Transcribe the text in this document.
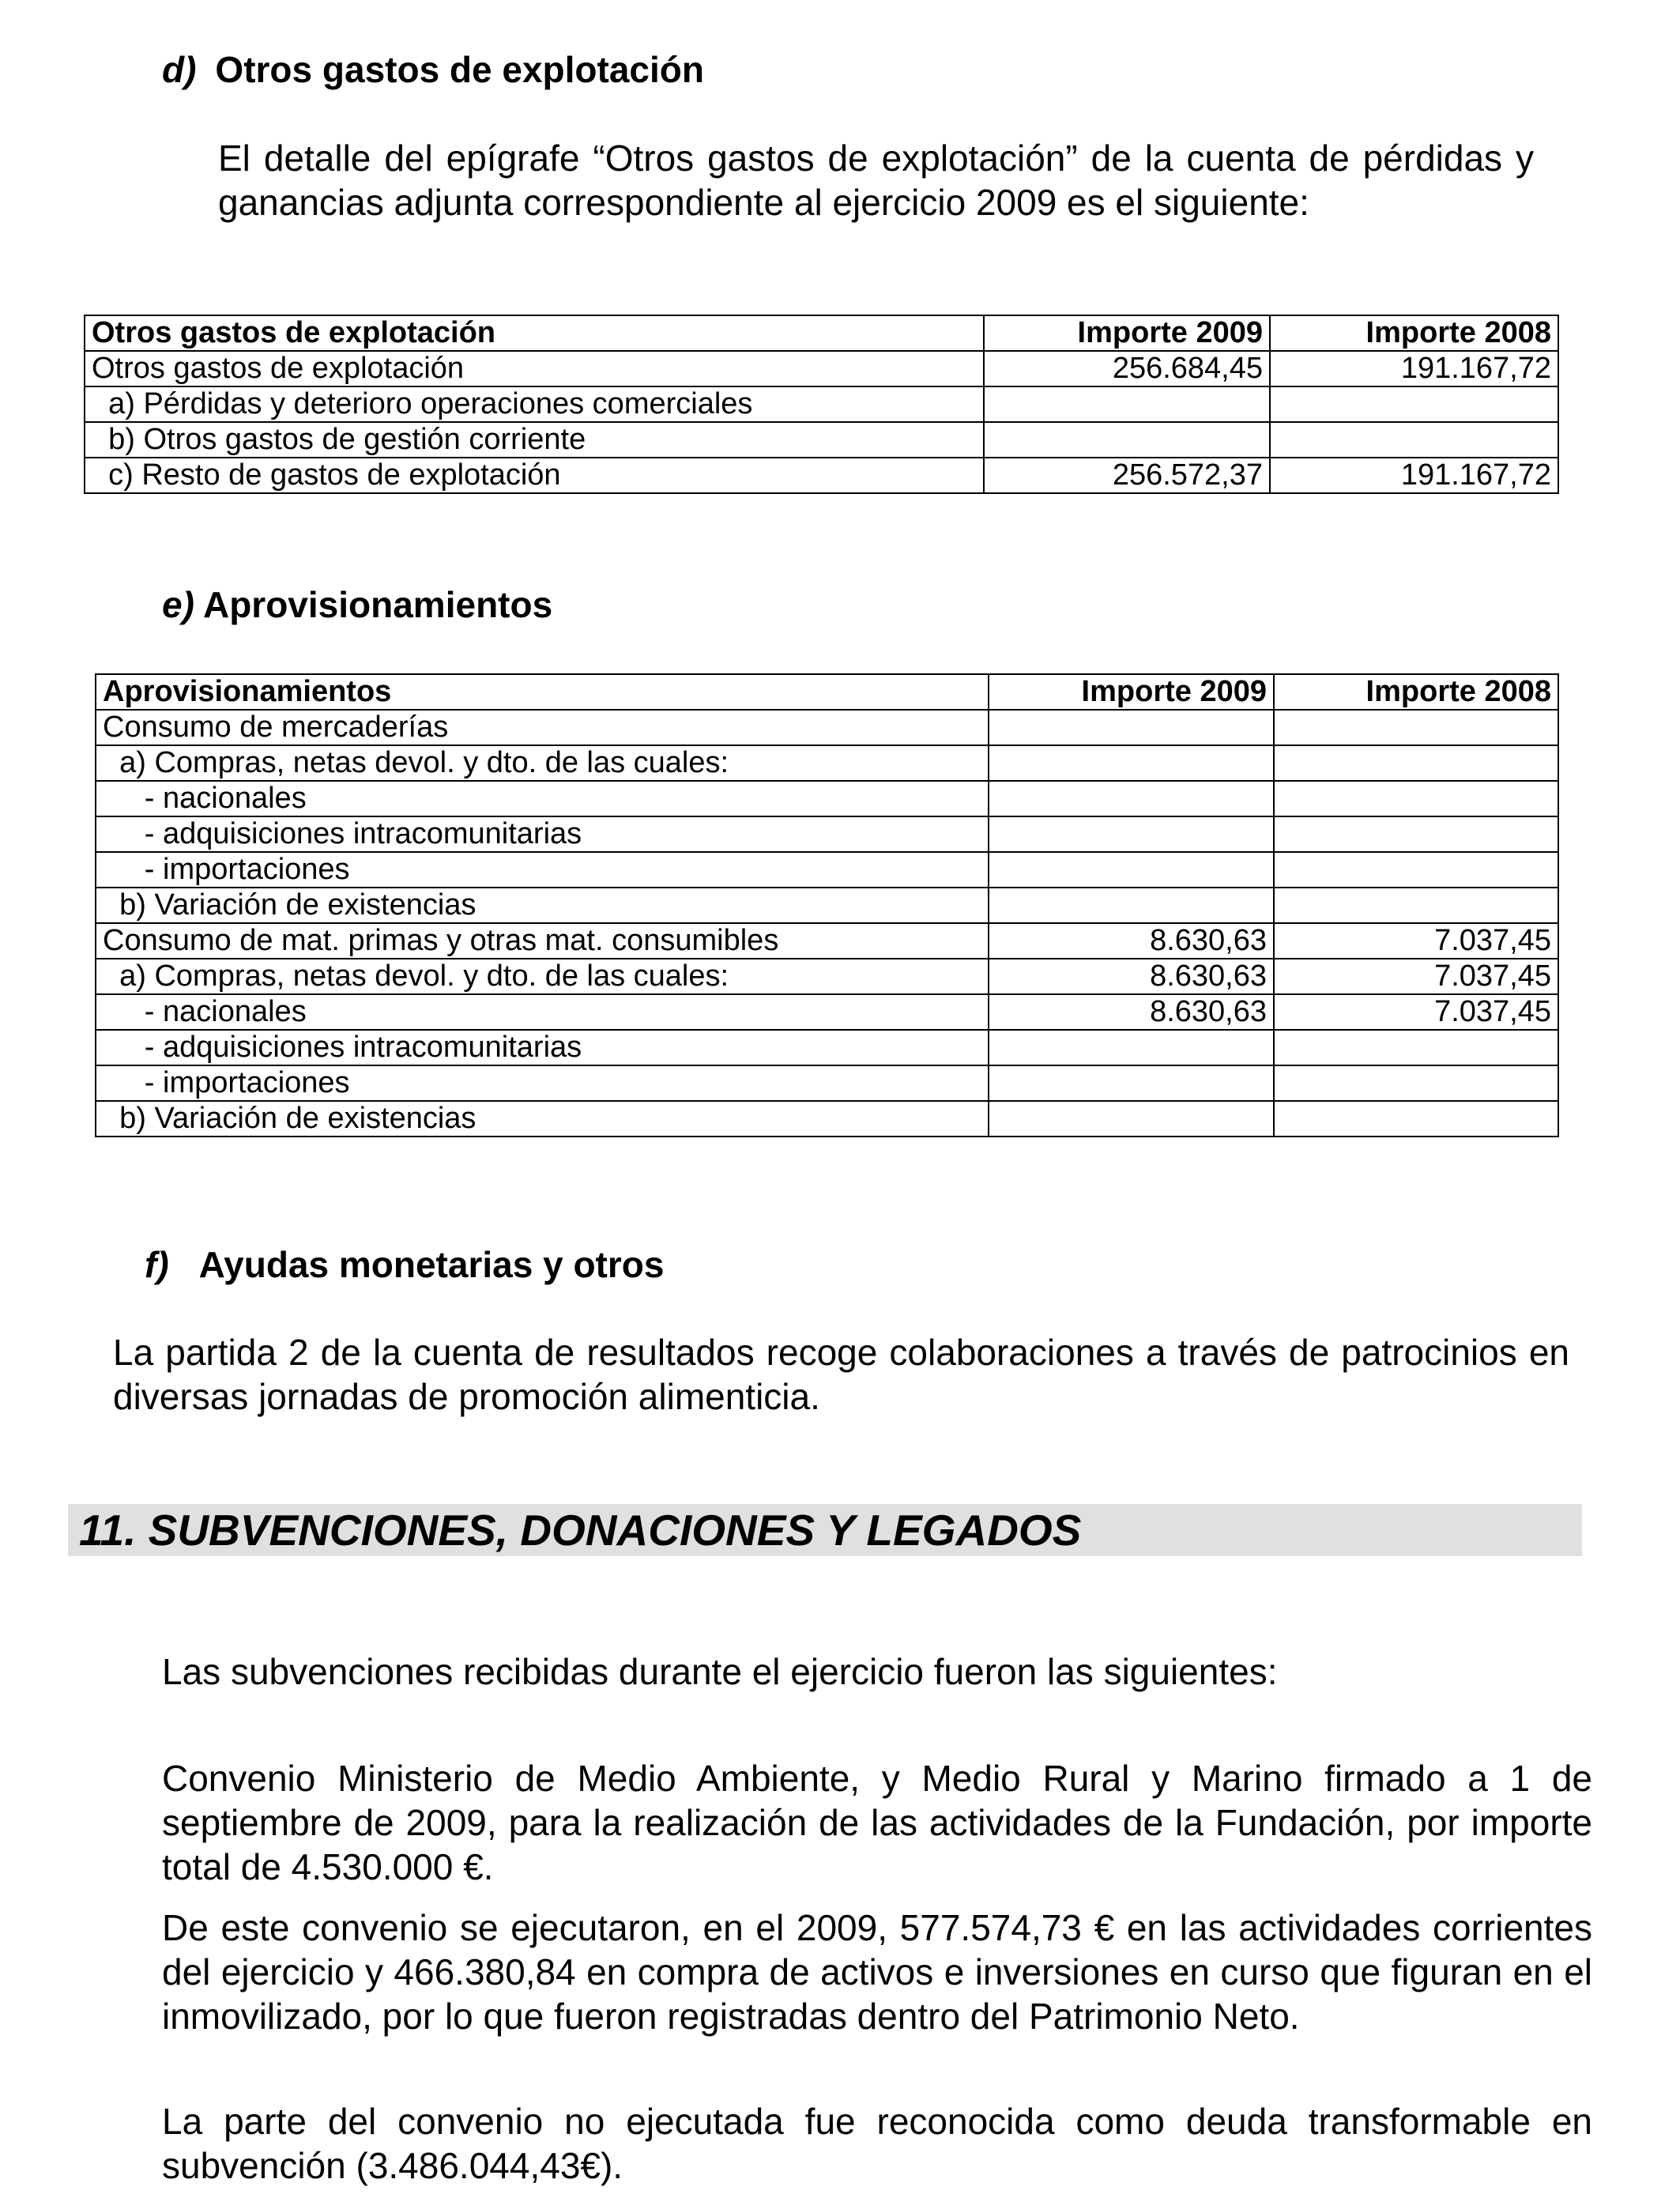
d) Otros gastos de explotación
El detalle del epígrafe “Otros gastos de explotación” de la cuenta de pérdidas y ganancias adjunta correspondiente al ejercicio 2009 es el siguiente:
Otros gastos de explotación	Importe 2009	Importe 2008
Otros gastos de explotación	256.684,45	191.167,72
a) Pérdidas y deterioro operaciones comerciales		
b) Otros gastos de gestión corriente		
c) Resto de gastos de explotación	256.572,37	191.167,72
e) Aprovisionamientos
Aprovisionamientos	Importe 2009	Importe 2008
Consumo de mercaderías		
a) Compras, netas devol. y dto. de las cuales:		
- nacionales		
- adquisiciones intracomunitarias		
- importaciones		
b) Variación de existencias		
Consumo de mat. primas y otras mat. consumibles	8.630,63	7.037,45
a) Compras, netas devol. y dto. de las cuales:	8.630,63	7.037,45
- nacionales	8.630,63	7.037,45
- adquisiciones intracomunitarias		
- importaciones		
b) Variación de existencias		
f) Ayudas monetarias y otros
La partida 2 de la cuenta de resultados recoge colaboraciones a través de patrocinios en diversas jornadas de promoción alimenticia.
11. SUBVENCIONES, DONACIONES Y LEGADOS
Las subvenciones recibidas durante el ejercicio fueron las siguientes:
Convenio Ministerio de Medio Ambiente, y Medio Rural y Marino firmado a 1 de septiembre de 2009, para la realización de las actividades de la Fundación, por importe total de 4.530.000 €.
De este convenio se ejecutaron, en el 2009, 577.574,73 € en las actividades corrientes del ejercicio y 466.380,84 en compra de activos e inversiones en curso que figuran en el inmovilizado, por lo que fueron registradas dentro del Patrimonio Neto.
La parte del convenio no ejecutada fue reconocida como deuda transformable en subvención (3.486.044,43€).
